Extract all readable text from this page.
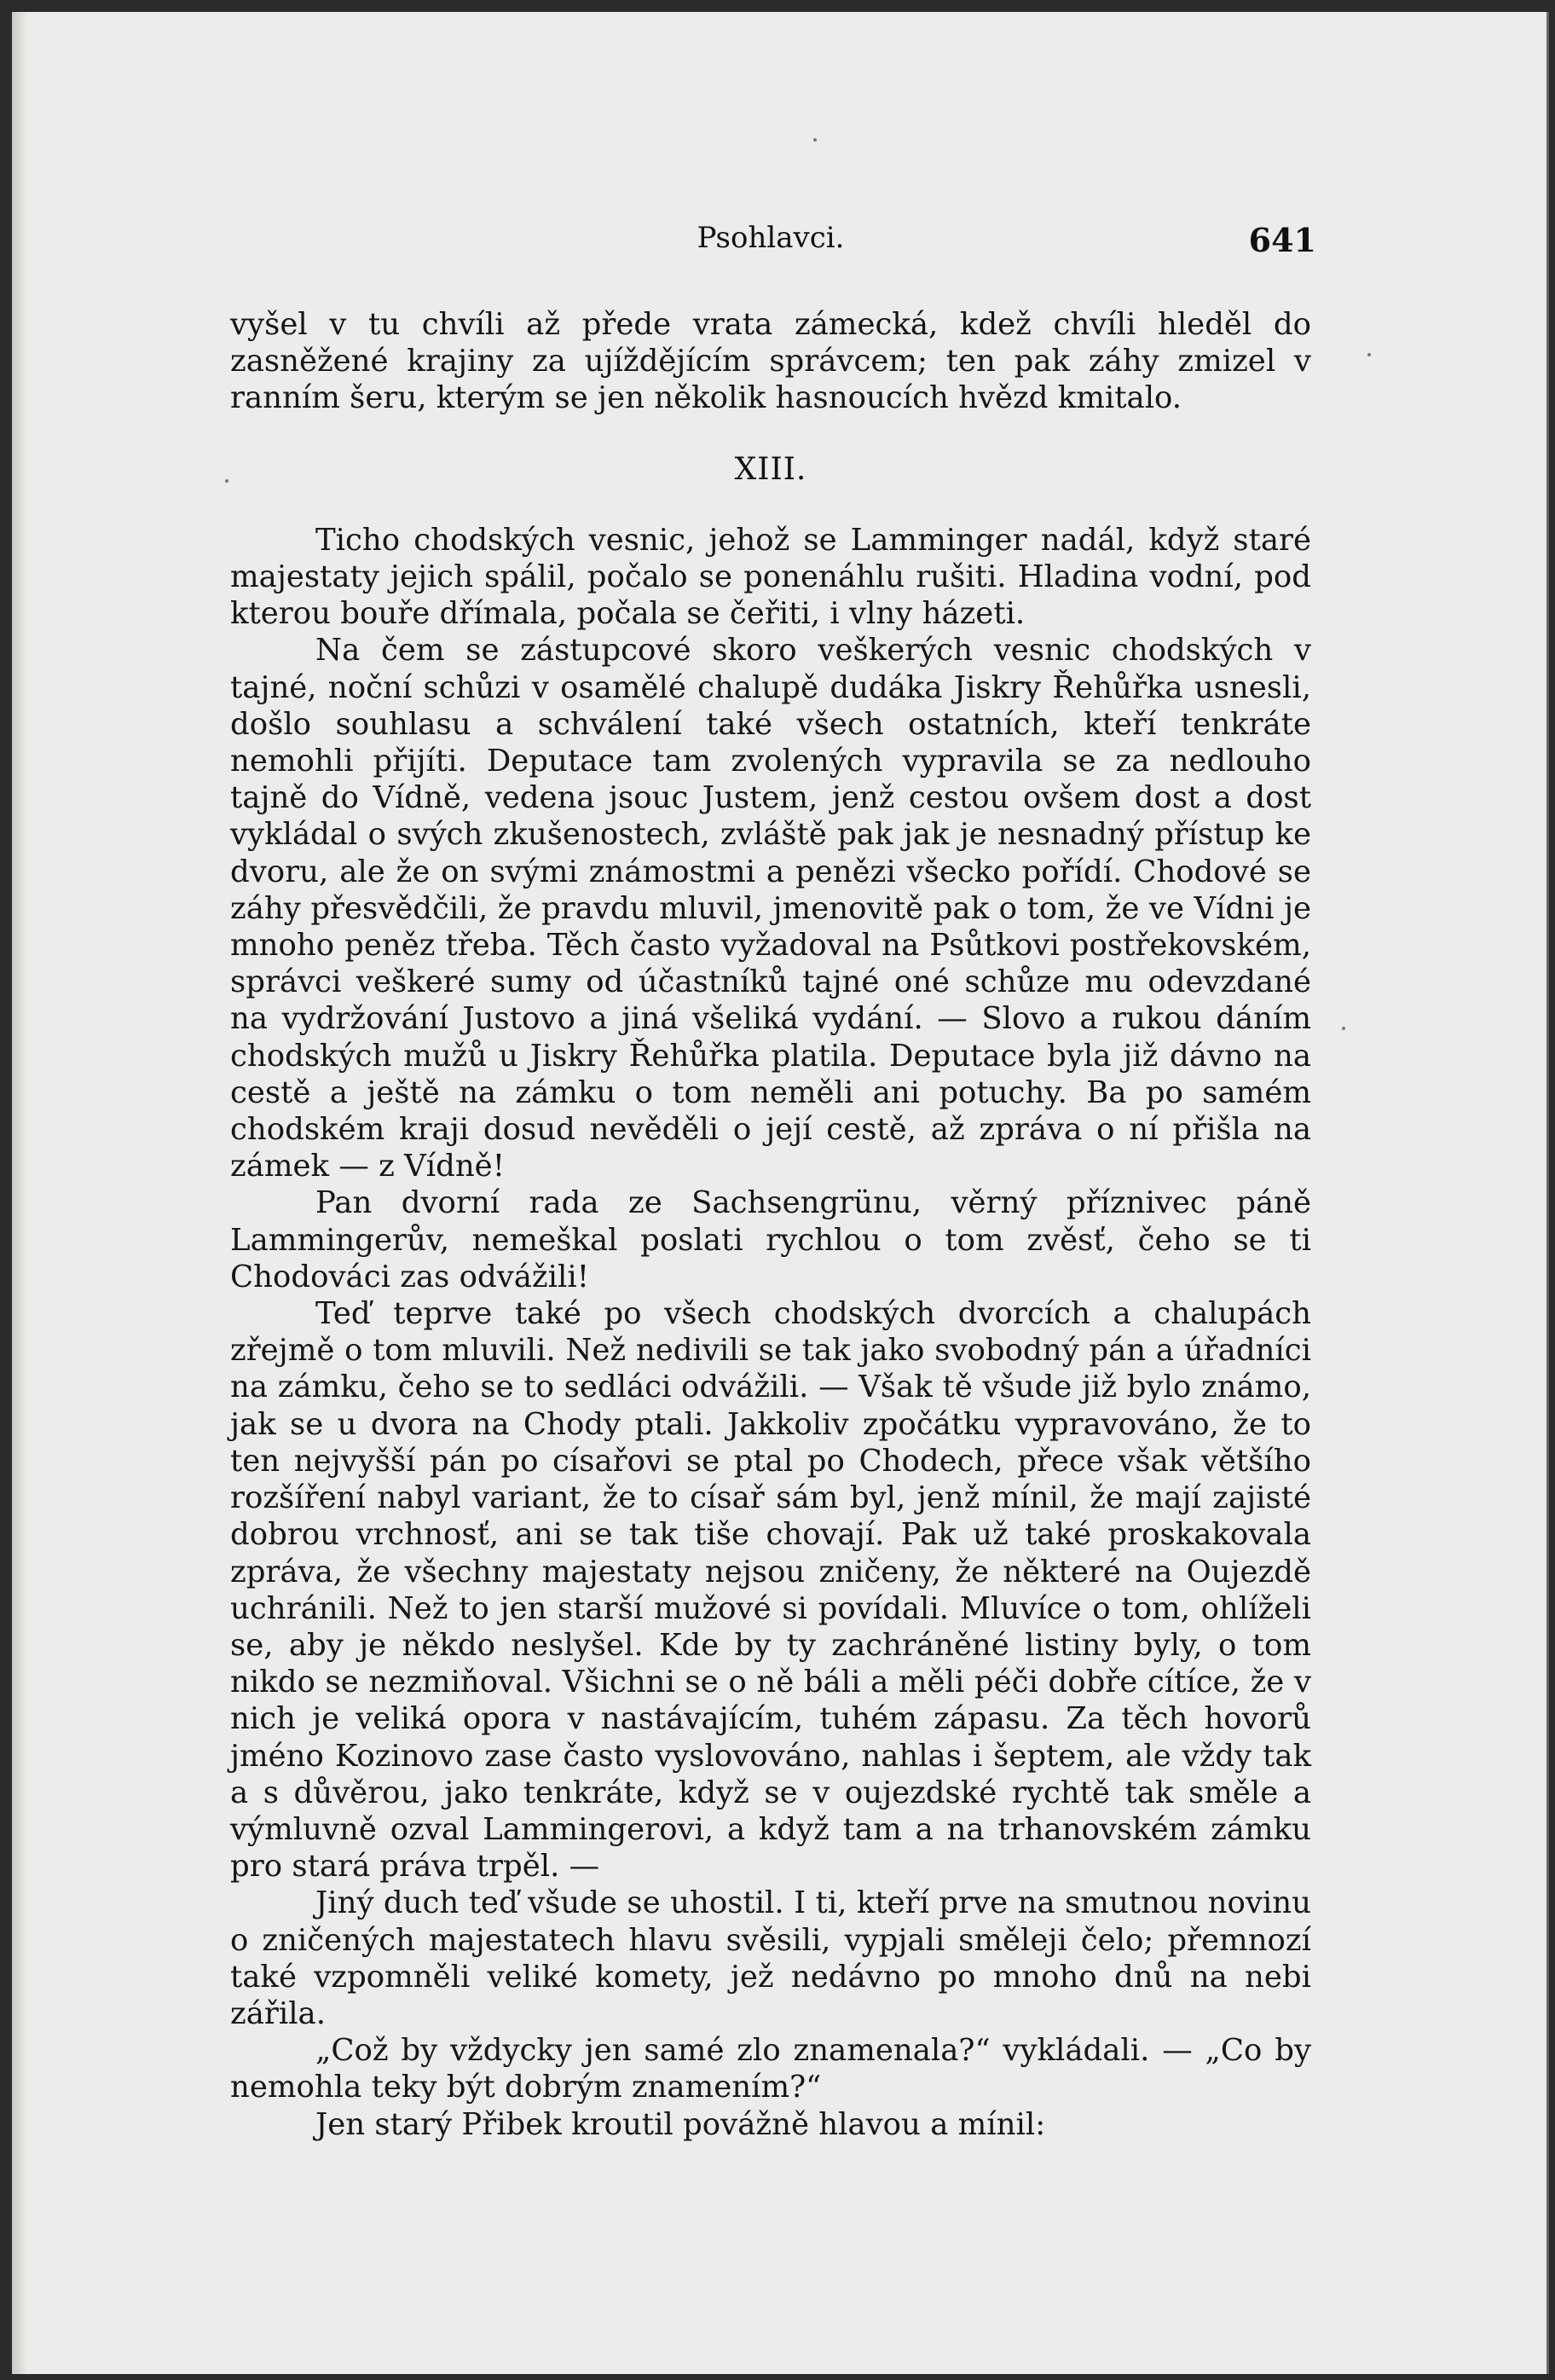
Psohlavci.	641

vyšel v tu chvíli až přede vrata zámecká, kdež chvíli hleděl do zasněžené krajiny za ujíždějícím správcem; ten pak záhy zmizel v ranním šeru, kterým se jen několik hasnoucích hvězd kmitalo.

XIII.

Ticho chodských vesnic, jehož se Lamminger nadál, když staré majestaty jejich spálil, počalo se ponenáhlu rušiti. Hladina vodní, pod kterou bouře dřímala, počala se čeřiti, i vlny házeti.

Na čem se zástupcové skoro veškerých vesnic chodských v tajné, noční schůzi v osamělé chalupě dudáka Jiskry Řehůřka usnesli, došlo souhlasu a schválení také všech ostatních, kteří tenkráte nemohli přijíti. Deputace tam zvolených vypravila se za nedlouho tajně do Vídně, vedena jsouc Justem, jenž cestou ovšem dost a dost vykládal o svých zkušenostech, zvláště pak jak je nesnadný přístup ke dvoru, ale že on svými známostmi a penězi všecko pořídí. Chodové se záhy přesvědčili, že pravdu mluvil, jmenovitě pak o tom, že ve Vídni je mnoho peněz třeba. Těch často vyžadoval na Psůtkovi postřekovském, správci veškeré sumy od účastníků tajné oné schůze mu odevzdané na vydržování Justovo a jiná všeliká vydání. — Slovo a rukou dáním chodských mužů u Jiskry Řehůřka platila. Deputace byla již dávno na cestě a ještě na zámku o tom neměli ani potuchy. Ba po samém chodském kraji dosud nevěděli o její cestě, až zpráva o ní přišla na zámek — z Vídně!

Pan dvorní rada ze Sachsengrünu, věrný příznivec páně Lammingerův, nemeškal poslati rychlou o tom zvěsť, čeho se ti Chodováci zas odvážili!

Teď teprve také po všech chodských dvorcích a chalupách zřejmě o tom mluvili. Než nedivili se tak jako svobodný pán a úřadníci na zámku, čeho se to sedláci odvážili. — Však tě všude již bylo známo, jak se u dvora na Chody ptali. Jakkoliv zpočátku vypravováno, že to ten nejvyšší pán po císařovi se ptal po Chodech, přece však většího rozšíření nabyl variant, že to císař sám byl, jenž mínil, že mají zajisté dobrou vrchnosť, ani se tak tiše chovají. Pak už také proskakovala zpráva, že všechny majestaty nejsou zničeny, že některé na Oujezdě uchránili. Než to jen starší mužové si povídali. Mluvíce o tom, ohlíželi se, aby je někdo neslyšel. Kde by ty zachráněné listiny byly, o tom nikdo se nezmiňoval. Všichni se o ně báli a měli péči dobře cítíce, že v nich je veliká opora v nastávajícím, tuhém zápasu. Za těch hovorů jméno Kozinovo zase často vyslovováno, nahlas i šeptem, ale vždy tak a s důvěrou, jako tenkráte, když se v oujezdské rychtě tak směle a výmluvně ozval Lammingerovi, a když tam a na trhanovském zámku pro stará práva trpěl. —

Jiný duch teď všude se uhostil. I ti, kteří prve na smutnou novinu o zničených majestatech hlavu svěsili, vypjali směleji čelo; přemnozí také vzpomněli veliké komety, jež nedávno po mnoho dnů na nebi zářila.

„Což by vždycky jen samé zlo znamenala?“ vykládali. — „Co by nemohla teky být dobrým znamením?“

Jen starý Přibek kroutil povážně hlavou a mínil:
